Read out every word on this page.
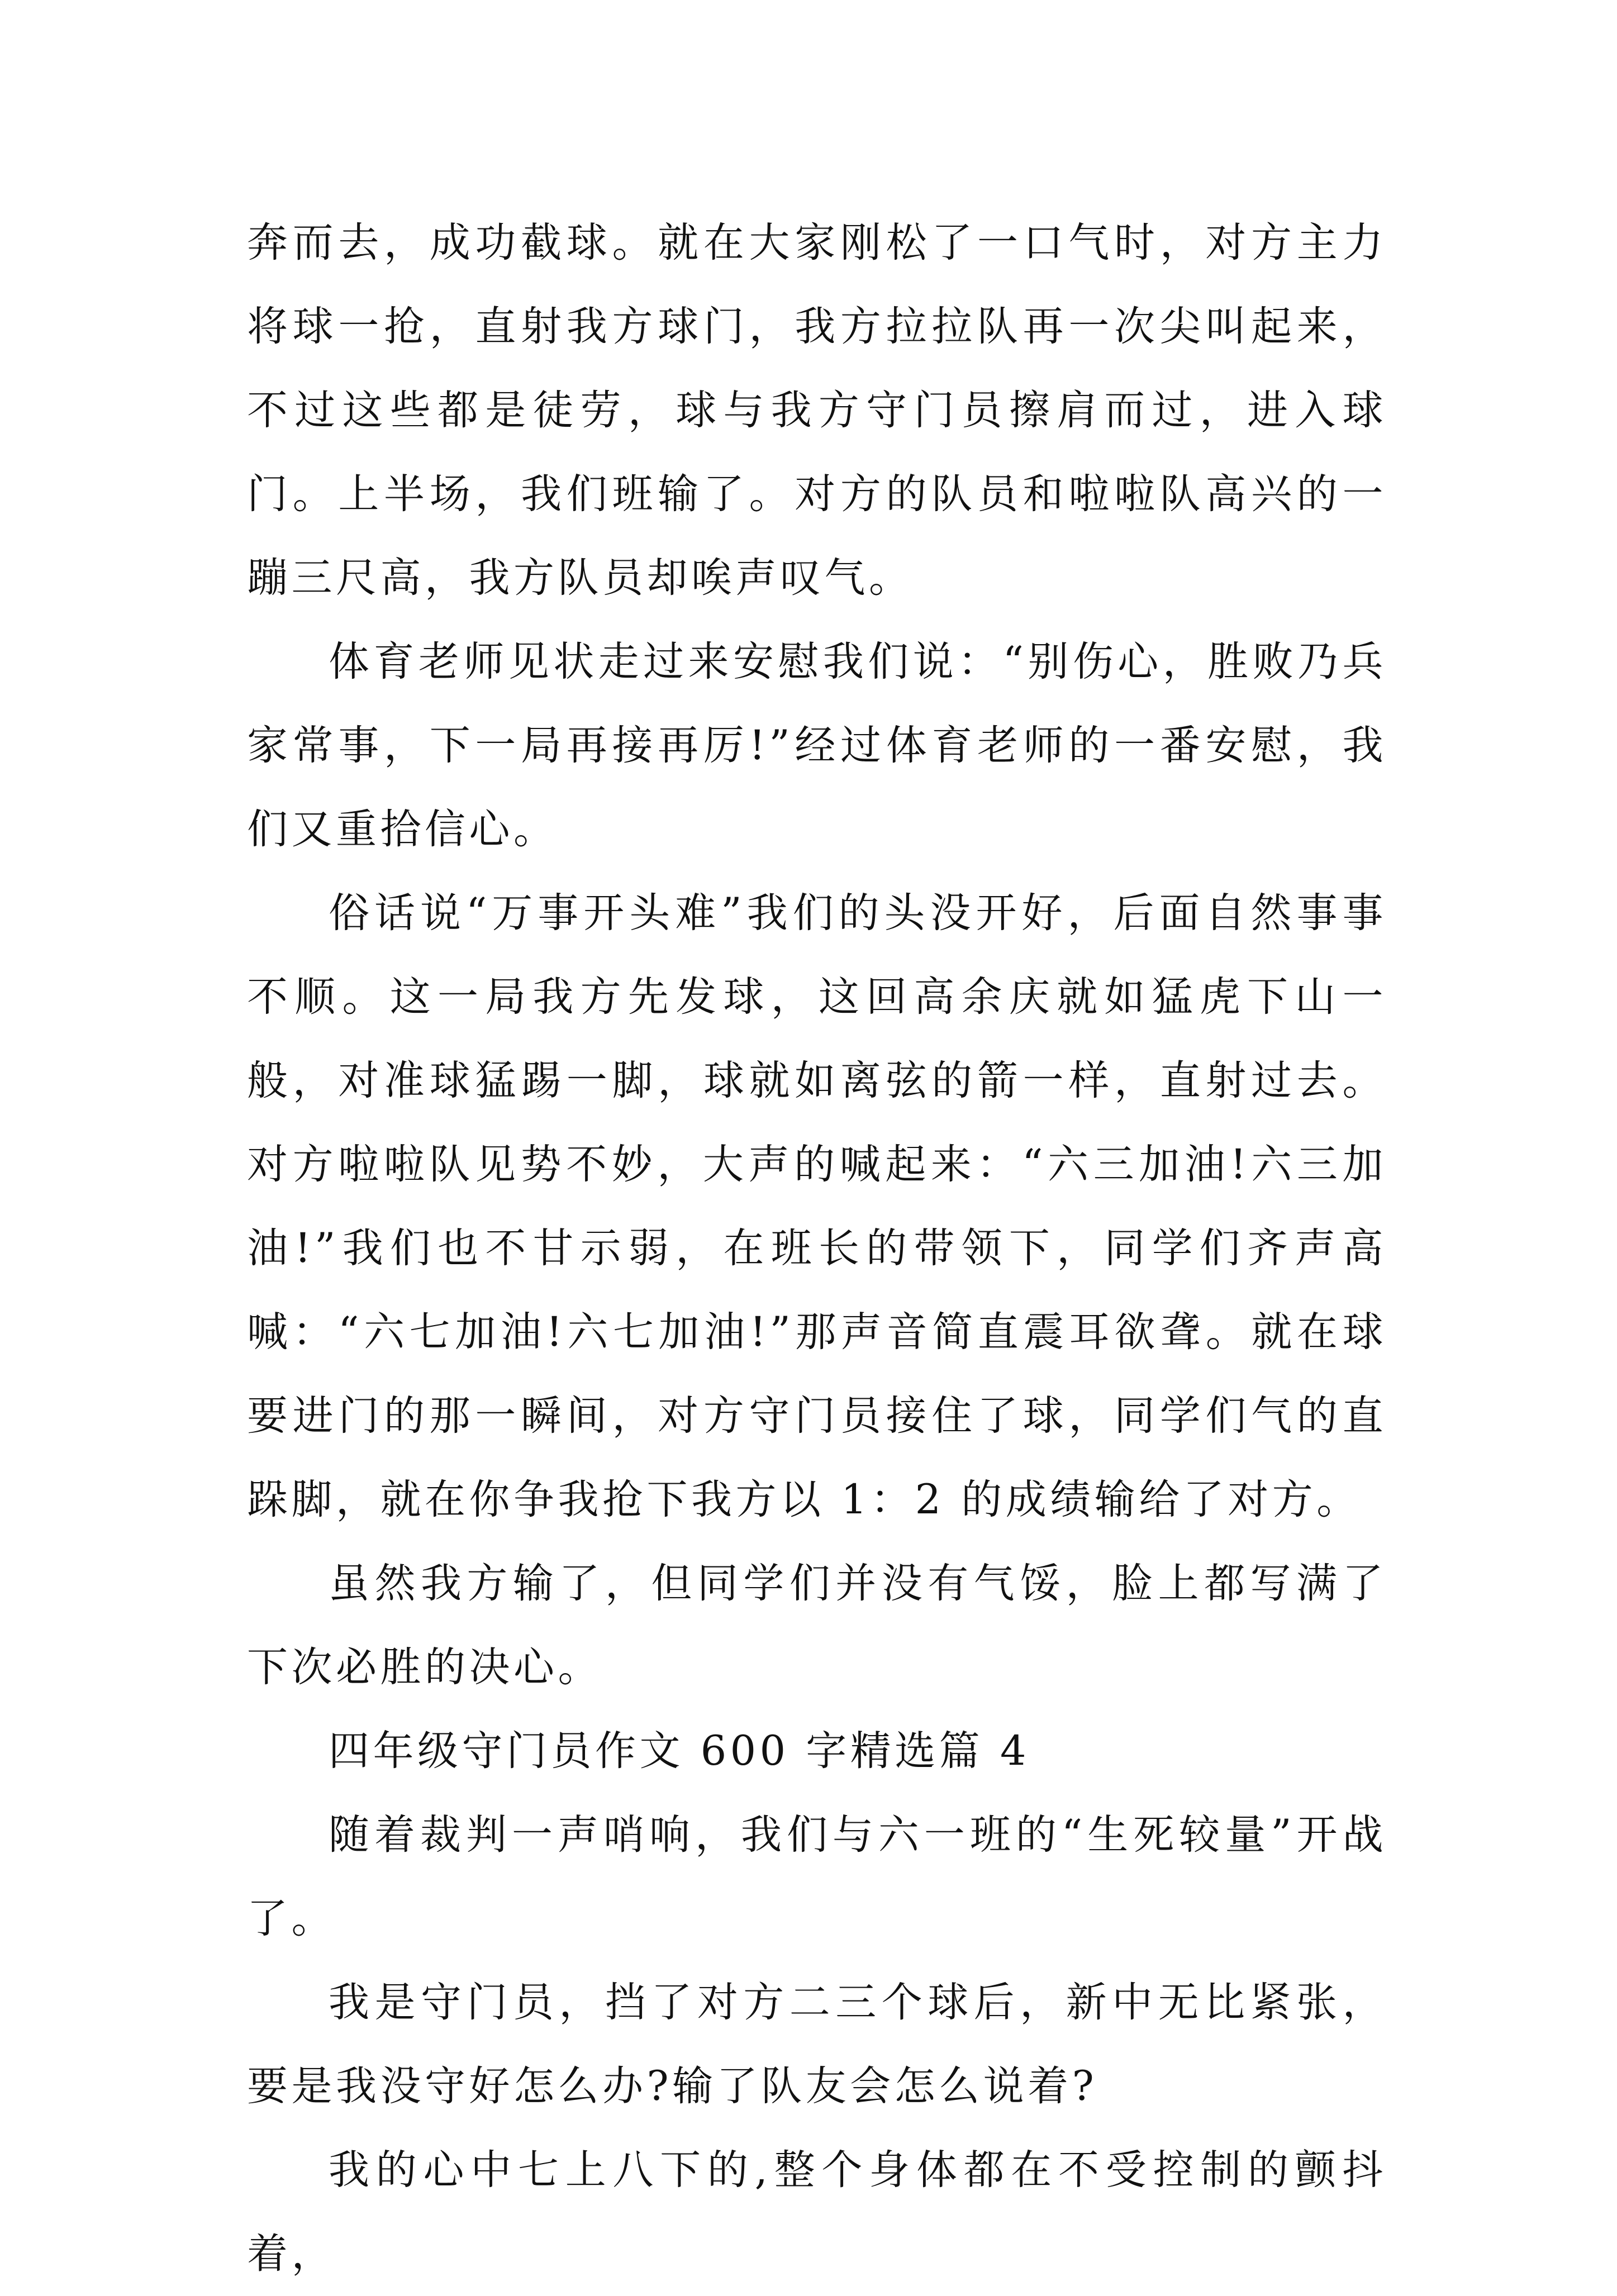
奔而去，成功截球。就在大家刚松了一口气时，对方主力将球一抢，直射我方球门，我方拉拉队再一次尖叫起来，不过这些都是徒劳，球与我方守门员擦肩而过，进入球门。上半场，我们班输了。对方的队员和啦啦队高兴的一蹦三尺高，我方队员却唉声叹气。

体育老师见状走过来安慰我们说：“别伤心，胜败乃兵家常事，下一局再接再厉!”经过体育老师的一番安慰，我们又重拾信心。

俗话说“万事开头难”我们的头没开好，后面自然事事不顺。这一局我方先发球，这回高余庆就如猛虎下山一般，对准球猛踢一脚，球就如离弦的箭一样，直射过去。对方啦啦队见势不妙，大声的喊起来：“六三加油!六三加油!”我们也不甘示弱，在班长的带领下，同学们齐声高喊：“六七加油!六七加油!”那声音简直震耳欲聋。就在球要进门的那一瞬间，对方守门员接住了球，同学们气的直跺脚，就在你争我抢下我方以 1：2 的成绩输给了对方。

虽然我方输了，但同学们并没有气馁，脸上都写满了下次必胜的决心。

四年级守门员作文 600 字精选篇 4

随着裁判一声哨响，我们与六一班的“生死较量”开战了。

我是守门员，挡了对方二三个球后，新中无比紧张，要是我没守好怎么办?输了队友会怎么说着?

我的心中七上八下的,整个身体都在不受控制的颤抖着，
